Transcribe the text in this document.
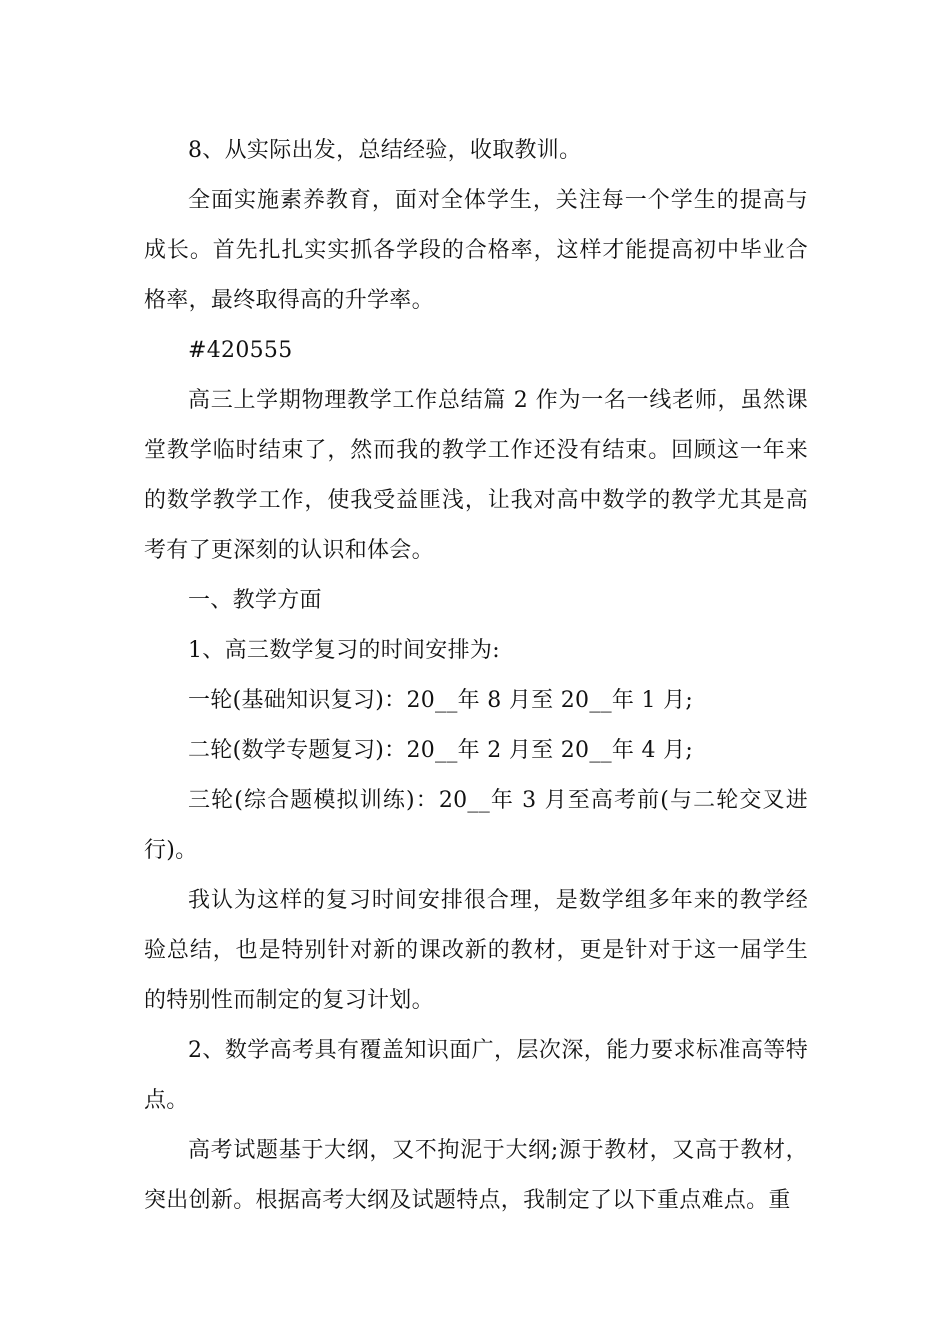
8、从实际出发，总结经验，收取教训。

全面实施素养教育，面对全体学生，关注每一个学生的提高与成长。首先扎扎实实抓各学段的合格率，这样才能提高初中毕业合格率，最终取得高的升学率。

#420555

高三上学期物理教学工作总结篇 2 作为一名一线老师，虽然课堂教学临时结束了，然而我的教学工作还没有结束。回顾这一年来的数学教学工作，使我受益匪浅，让我对高中数学的教学尤其是高考有了更深刻的认识和体会。

一、教学方面

1、高三数学复习的时间安排为:

一轮(基础知识复习)：20__年 8 月至 20__年 1 月;

二轮(数学专题复习)：20__年 2 月至 20__年 4 月;

三轮(综合题模拟训练)：20__年 3 月至高考前(与二轮交叉进行)。

我认为这样的复习时间安排很合理，是数学组多年来的教学经验总结，也是特别针对新的课改新的教材，更是针对于这一届学生的特别性而制定的复习计划。

2、数学高考具有覆盖知识面广，层次深，能力要求标准高等特点。

高考试题基于大纲，又不拘泥于大纲;源于教材，又高于教材，突出创新。根据高考大纲及试题特点，我制定了以下重点难点。重
